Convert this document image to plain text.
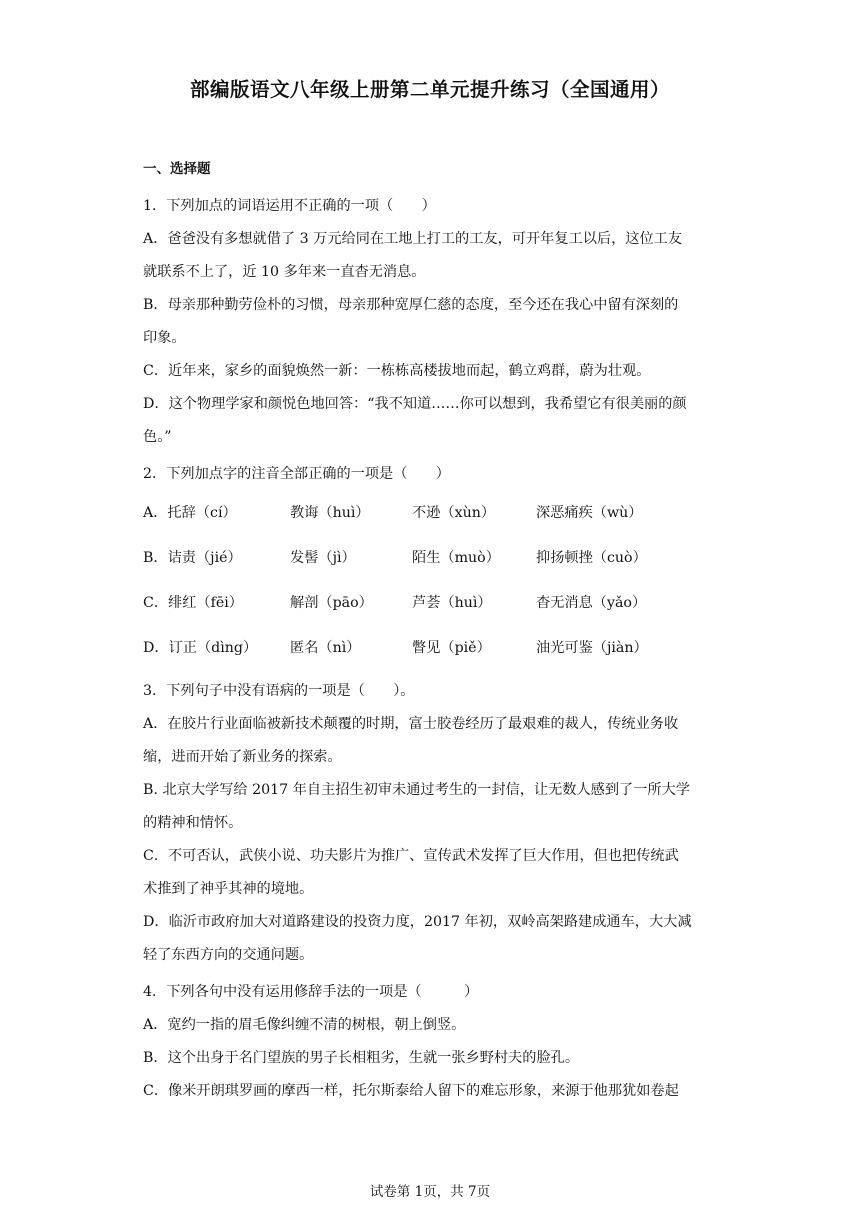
部编版语文八年级上册第二单元提升练习（全国通用）
一、选择题
1．下列加点的词语运用不正确的一项（　　）
A．爸爸没有多想就借了 3 万元给同在工地上打工的工友，可开年复工以后，这位工友
就联系不上了，近 10 多年来一直杳无消息。
B．母亲那种勤劳俭朴的习惯，母亲那种宽厚仁慈的态度，至今还在我心中留有深刻的
印象。
C．近年来，家乡的面貌焕然一新：一栋栋高楼拔地而起，鹤立鸡群，蔚为壮观。
D．这个物理学家和颜悦色地回答：“我不知道……你可以想到，我希望它有很美丽的颜
色。”
2．下列加点字的注音全部正确的一项是（　　）
A．托辞（cí）	教诲（huì）	不逊（xùn）	深恶痛疾（wù）
B．诘责（jié）	发髻（jì）	陌生（muò）	抑扬顿挫（cuò）
C．绯红（fēi）	解剖（pāo）	芦荟（huì）	杳无消息（yǎo）
D．订正（dìng）	匿名（nì）	瞥见（piě）	油光可鉴（jiàn）
3．下列句子中没有语病的一项是（　　）。
A．在胶片行业面临被新技术颠覆的时期，富士胶卷经历了最艰难的裁人，传统业务收
缩，进而开始了新业务的探索。
B. 北京大学写给 2017 年自主招生初审未通过考生的一封信，让无数人感到了一所大学
的精神和情怀。
C．不可否认，武侠小说、功夫影片为推广、宣传武术发挥了巨大作用，但也把传统武
术推到了神乎其神的境地。
D．临沂市政府加大对道路建设的投资力度，2017 年初，双岭高架路建成通车，大大减
轻了东西方向的交通问题。
4．下列各句中没有运用修辞手法的一项是（　　　）
A．宽约一指的眉毛像纠缠不清的树根，朝上倒竖。
B．这个出身于名门望族的男子长相粗劣，生就一张乡野村夫的脸孔。
C．像米开朗琪罗画的摩西一样，托尔斯泰给人留下的难忘形象，来源于他那犹如卷起
试卷第 1页，共 7页
